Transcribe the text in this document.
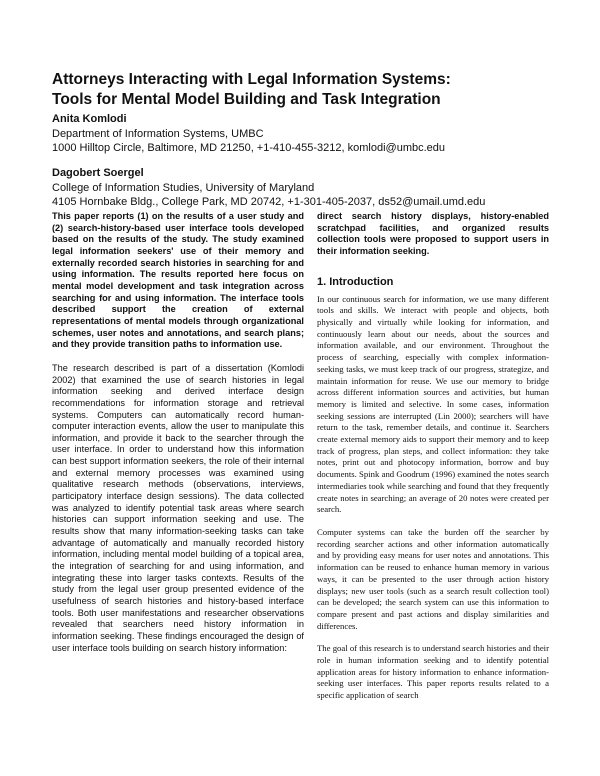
Attorneys Interacting with Legal Information Systems:
Tools for Mental Model Building and Task Integration
Anita Komlodi
Department of Information Systems, UMBC
1000 Hilltop Circle, Baltimore, MD 21250, +1-410-455-3212, komlodi@umbc.edu
Dagobert Soergel
College of Information Studies, University of Maryland
4105 Hornbake Bldg., College Park, MD 20742, +1-301-405-2037, ds52@umail.umd.edu

This paper reports (1) on the results of a user study and (2) search-history-based user interface tools developed based on the results of the study. The study examined legal information seekers' use of their memory and externally recorded search histories in searching for and using information. The results reported here focus on mental model development and task integration across searching for and using information. The interface tools described support the creation of external representations of mental models through organizational schemes, user notes and annotations, and search plans; and they provide transition paths to information use.

The research described is part of a dissertation (Komlodi 2002) that examined the use of search histories in legal information seeking and derived interface design recommendations for information storage and retrieval systems. Computers can automatically record human-computer interaction events, allow the user to manipulate this information, and provide it back to the searcher through the user interface. In order to understand how this information can best support information seekers, the role of their internal and external memory processes was examined using qualitative research methods (observations, interviews, participatory interface design sessions). The data collected was analyzed to identify potential task areas where search histories can support information seeking and use. The results show that many information-seeking tasks can take advantage of automatically and manually recorded history information, including mental model building of a topical area, the integration of searching for and using information, and integrating these into larger tasks contexts. Results of the study from the legal user group presented evidence of the usefulness of search histories and history-based interface tools. Both user manifestations and researcher observations revealed that searchers need history information in information seeking. These findings encouraged the design of user interface tools building on search history information:

direct search history displays, history-enabled scratchpad facilities, and organized results collection tools were proposed to support users in their information seeking.

1. Introduction

In our continuous search for information, we use many different tools and skills. We interact with people and objects, both physically and virtually while looking for information, and continuously learn about our needs, about the sources and information available, and our environment. Throughout the process of searching, especially with complex information-seeking tasks, we must keep track of our progress, strategize, and maintain information for reuse. We use our memory to bridge across different information sources and activities, but human memory is limited and selective. In some cases, information seeking sessions are interrupted (Lin 2000); searchers will have return to the task, remember details, and continue it. Searchers create external memory aids to support their memory and to keep track of progress, plan steps, and collect information: they take notes, print out and photocopy information, borrow and buy documents. Spink and Goodrum (1996) examined the notes search intermediaries took while searching and found that they frequently create notes in searching; an average of 20 notes were created per search.

Computer systems can take the burden off the searcher by recording searcher actions and other information automatically and by providing easy means for user notes and annotations. This information can be reused to enhance human memory in various ways, it can be presented to the user through action history displays; new user tools (such as a search result collection tool) can be developed; the search system can use this information to compare present and past actions and display similarities and differences.

The goal of this research is to understand search histories and their role in human information seeking and to identify potential application areas for history information to enhance information-seeking user interfaces. This paper reports results related to a specific application of search
